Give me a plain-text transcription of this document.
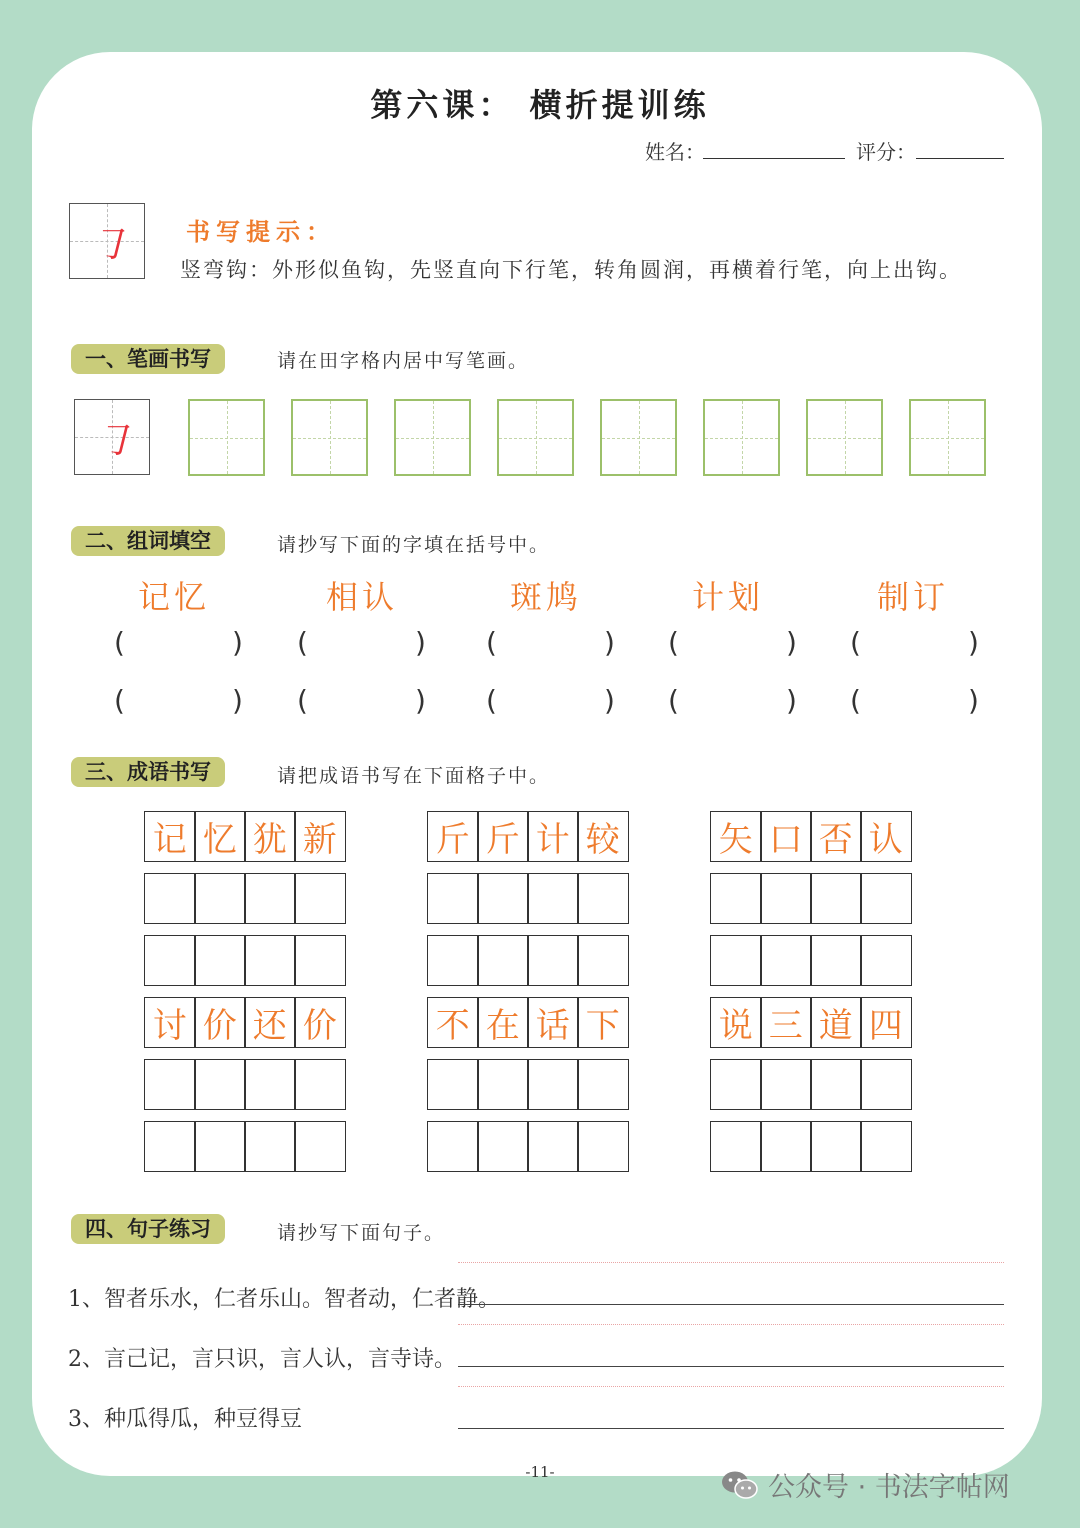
第六课： 横折提训练
姓名：	评分：
㇆	书写提示：
竖弯钩：外形似鱼钩，先竖直向下行笔，转角圆润，再横着行笔，向上出钩。
一、笔画书写	请在田字格内居中写笔画。
㇆
二、组词填空	请抄写下面的字填在括号中。
记忆	相认	斑鸠	计划	制订
(	) (	) (	) (	) (	)
(	) (	) (	) (	) (	)
三、成语书写	请把成语书写在下面格子中。
记 忆 犹 新
讨 价 还 价
斤 斤 计 较
不 在 话 下
矢 口 否 认
说 三 道 四
四、句子练习	请抄写下面句子。
1、智者乐水，仁者乐山。智者动，仁者静。
2、言己记，言只识，言人认，言寺诗。
3、种瓜得瓜，种豆得豆
-11-	公众号 · 书法字帖网
